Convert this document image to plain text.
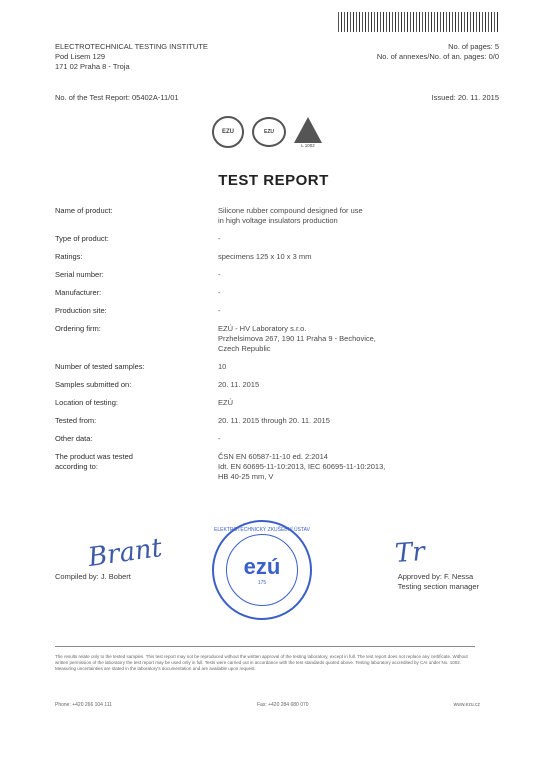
ELECTROTECHNICAL TESTING INSTITUTE
Pod Lisem 129
171 02 Praha 8 - Troja
No. of pages: 5
No. of annexes/No. of an. pages: 0/0
No. of the Test Report: 05402A-11/01	Issued: 20. 11. 2015
EZU	EZU
L 1002
TEST REPORT
Name of product:	Silicone rubber compound designed for use
in high voltage insulators production
Type of product:	-
Ratings:	specimens 125 x 10 x 3 mm
Serial number:	-
Manufacturer:	-
Production site:	-
Ordering firm:	EZÚ - HV Laboratory s.r.o.
Przhelsimova 267, 190 11 Praha 9 - Bechovice,
Czech Republic
Number of tested samples:	10
Samples submitted on:	20. 11. 2015
Location of testing:	EZÚ
Tested from:	20. 11. 2015 through 20. 11. 2015
Other data:	-
The product was tested
according to:
ČSN EN 60587-11-10 ed. 2:2014
Idt. EN 60695-11-10:2013, IEC 60695-11-10:2013,
HB 40-25 mm, V
Brant
ELEKTROTECHNICKÝ ZKUŠEBNÍ ÚSTAV
ezú
175
Tr
Compiled by: J. Bobert	Approved by: F. Nessa
Testing section manager
The results relate only to the tested samples. This test report may not be reproduced without the written approval of the testing laboratory, except in full. The test report does not replace any certificate. Without written permission of the laboratory the test report may be used only in full. Tests were carried out in accordance with the test standards quoted above. Testing laboratory accredited by CAI under No. 1002. Measuring uncertainties are stated in the laboratory's documentation and are available upon request.
Phone: +420 266 104 111	Fax: +420 284 680 070	www.ezu.cz
